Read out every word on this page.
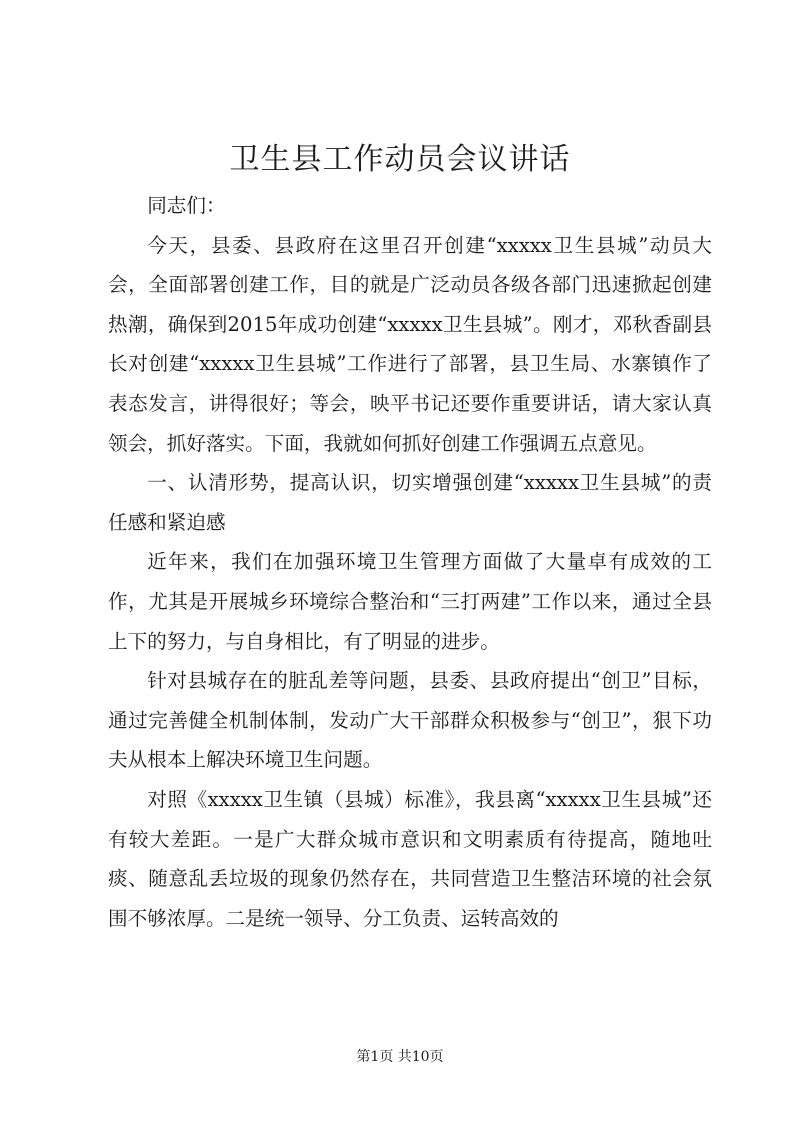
卫生县工作动员会议讲话

同志们：

今天，县委、县政府在这里召开创建“xxxxx卫生县城”动员大会，全面部署创建工作，目的就是广泛动员各级各部门迅速掀起创建热潮，确保到2015年成功创建“xxxxx卫生县城”。刚才，邓秋香副县长对创建“xxxxx卫生县城”工作进行了部署，县卫生局、水寨镇作了表态发言，讲得很好；等会，映平书记还要作重要讲话，请大家认真领会，抓好落实。下面，我就如何抓好创建工作强调五点意见。

一、认清形势，提高认识，切实增强创建“xxxxx卫生县城”的责任感和紧迫感

近年来，我们在加强环境卫生管理方面做了大量卓有成效的工作，尤其是开展城乡环境综合整治和“三打两建”工作以来，通过全县上下的努力，与自身相比，有了明显的进步。

针对县城存在的脏乱差等问题，县委、县政府提出“创卫”目标，通过完善健全机制体制，发动广大干部群众积极参与“创卫”，狠下功夫从根本上解决环境卫生问题。

对照《xxxxx卫生镇（县城）标准》，我县离“xxxxx卫生县城”还有较大差距。一是广大群众城市意识和文明素质有待提高，随地吐痰、随意乱丢垃圾的现象仍然存在，共同营造卫生整洁环境的社会氛围不够浓厚。二是统一领导、分工负责、运转高效的

第1页 共10页
